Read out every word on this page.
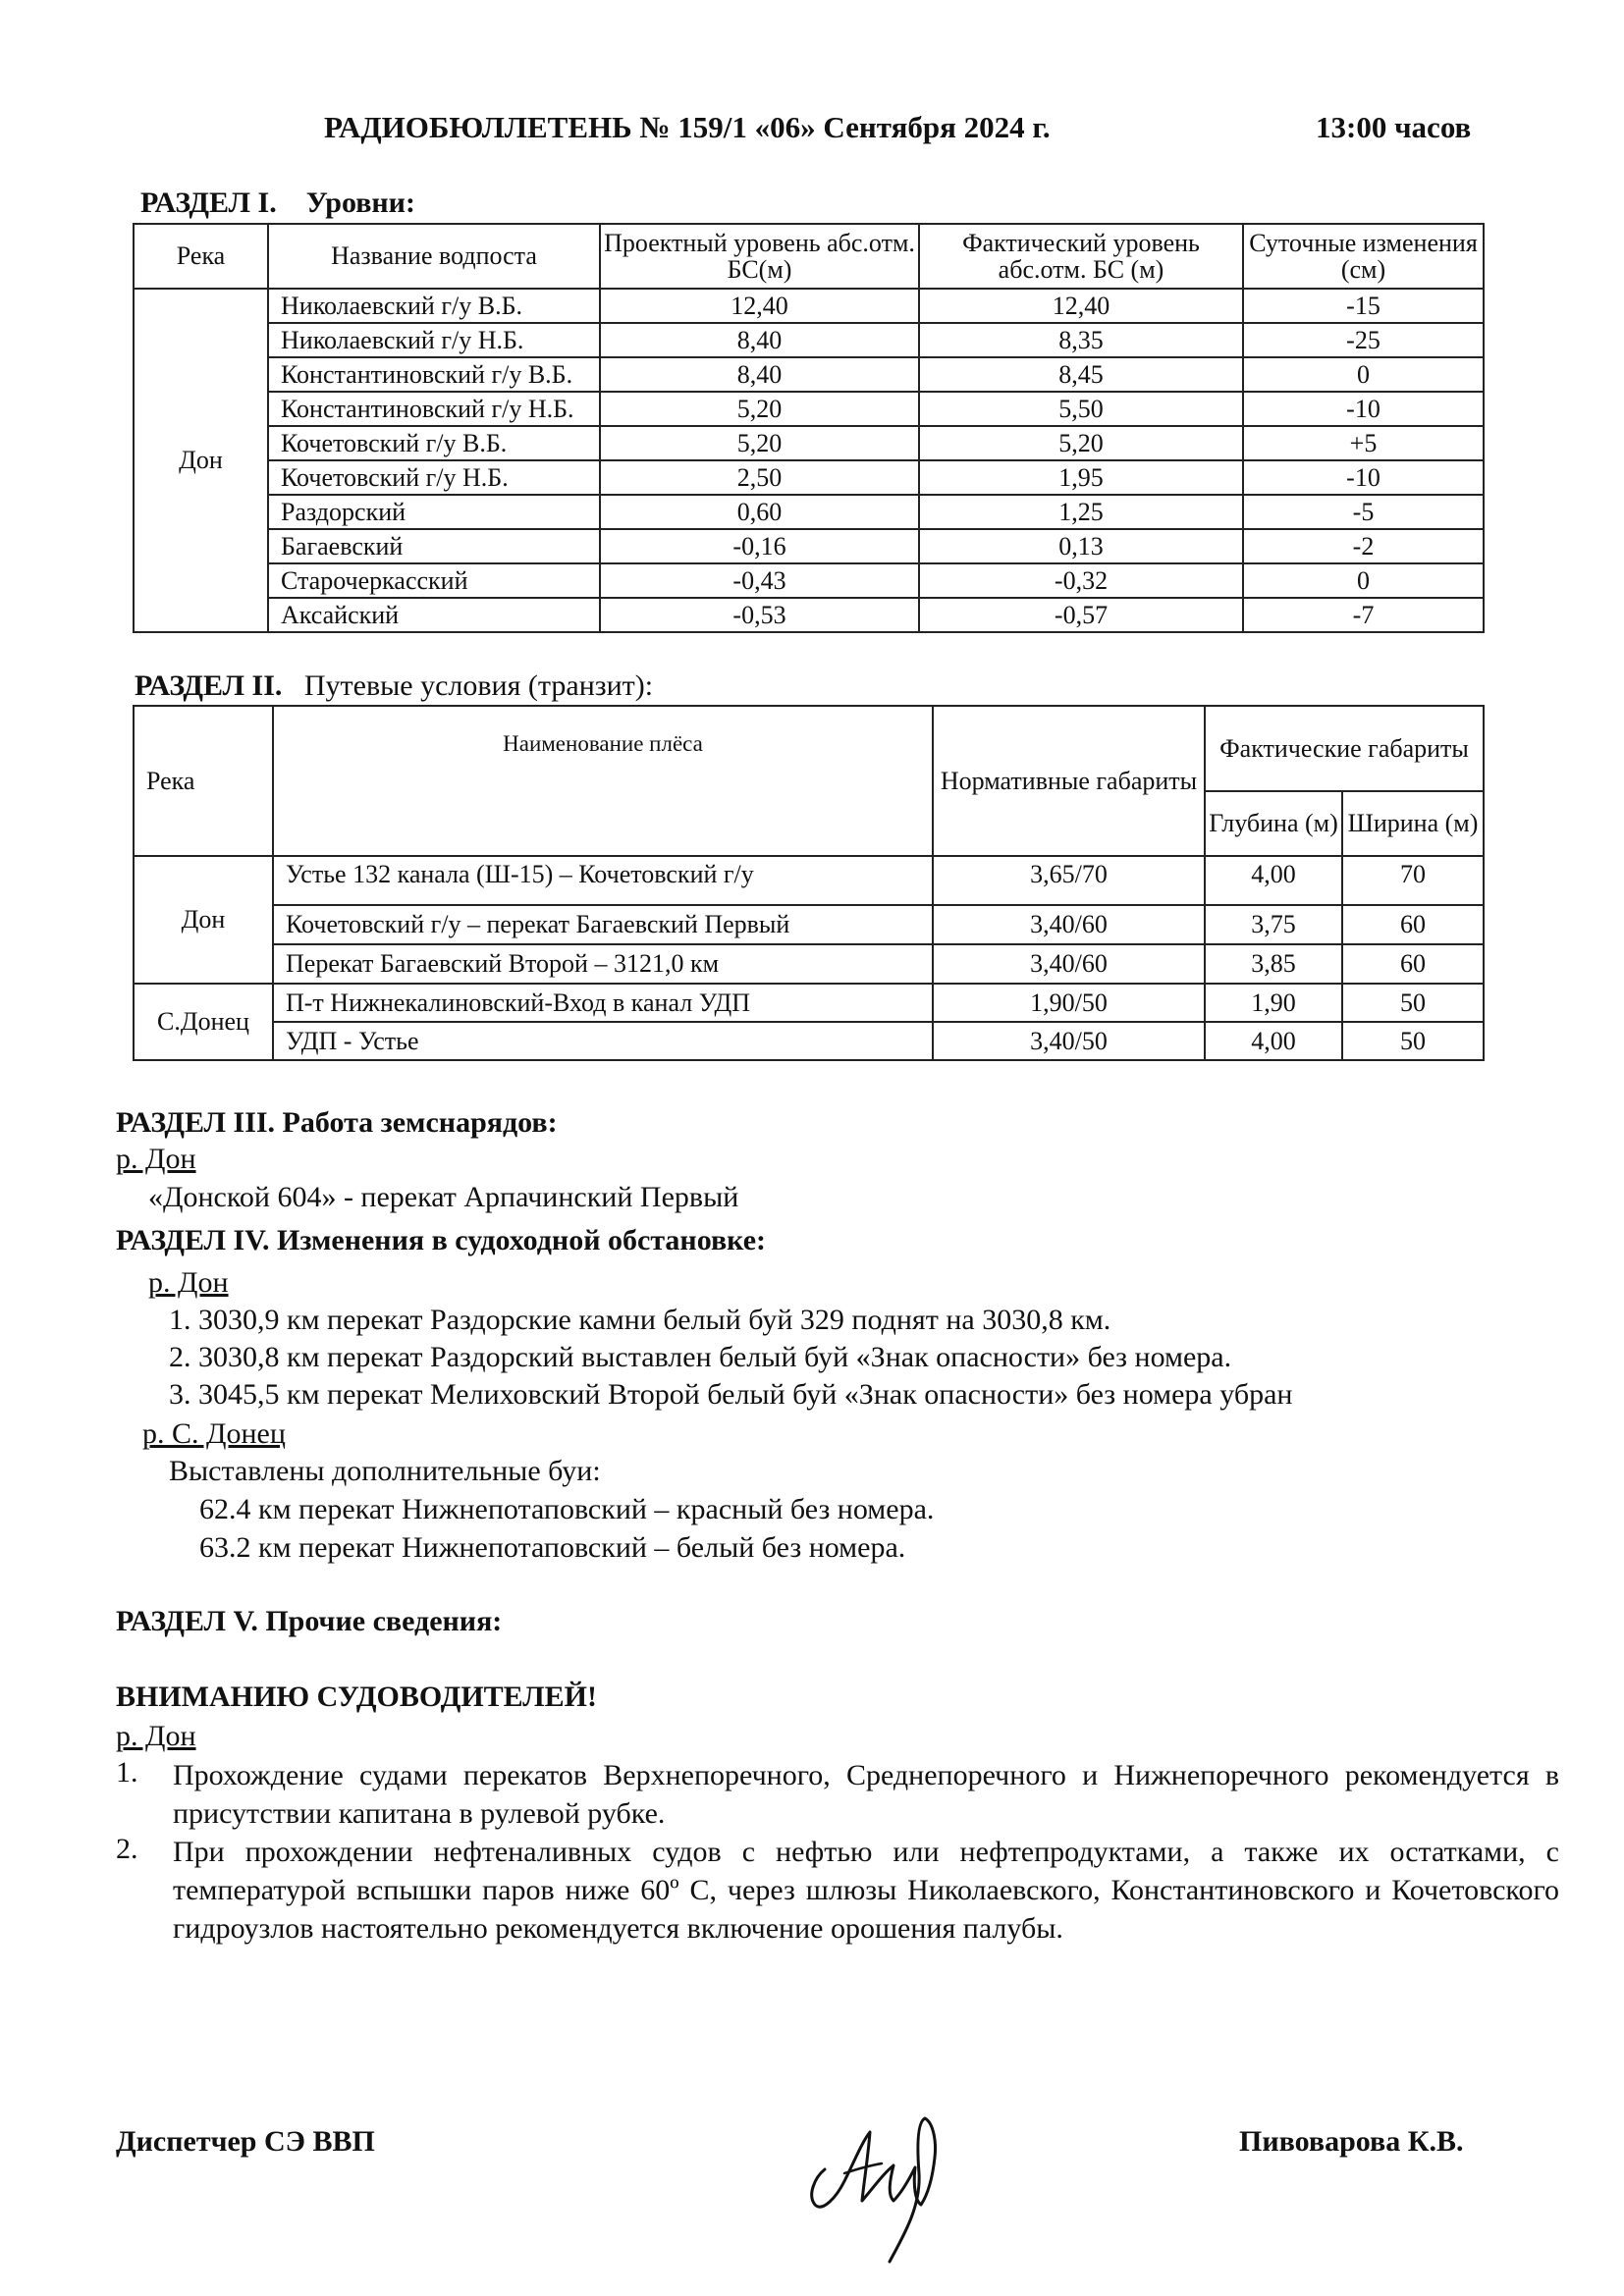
РАДИОБЮЛЛЕТЕНЬ № 159/1 «06» Сентября 2024 г.	13:00 часов
РАЗДЕЛ I. Уровни:
Река	Название водпоста	Проектный уровень абс.отм. БС(м)	Фактический уровень абс.отм. БС (м)	Суточные изменения (см)
Дон	Николаевский г/у В.Б.	12,40	12,40	-15
	Николаевский г/у Н.Б.	8,40	8,35	-25
	Константиновский г/у В.Б.	8,40	8,45	0
	Константиновский г/у Н.Б.	5,20	5,50	-10
	Кочетовский г/у В.Б.	5,20	5,20	+5
	Кочетовский г/у Н.Б.	2,50	1,95	-10
	Раздорский	0,60	1,25	-5
	Багаевский	-0,16	0,13	-2
	Старочеркасский	-0,43	-0,32	0
	Аксайский	-0,53	-0,57	-7
РАЗДЕЛ II. Путевые условия (транзит):
Река	Наименование плёса	Нормативные габариты	Фактические габариты	
			Глубина (м)	Ширина (м)
Дон	Устье 132 канала (Ш-15) – Кочетовский г/у	3,65/70	4,00	70
	Кочетовский г/у – перекат Багаевский Первый	3,40/60	3,75	60
	Перекат Багаевский Второй – 3121,0 км	3,40/60	3,85	60
С.Донец	П-т Нижнекалиновский-Вход в канал УДП	1,90/50	1,90	50
	УДП - Устье	3,40/50	4,00	50
РАЗДЕЛ III. Работа земснарядов:
р. Дон
«Донской 604» - перекат Арпачинский Первый
РАЗДЕЛ IV. Изменения в судоходной обстановке:
р. Дон
1. 3030,9 км перекат Раздорские камни белый буй 329 поднят на 3030,8 км.
2. 3030,8 км перекат Раздорский выставлен белый буй «Знак опасности» без номера.
3. 3045,5 км перекат Мелиховский Второй белый буй «Знак опасности» без номера убран
р. С. Донец
Выставлены дополнительные буи:
62.4 км перекат Нижнепотаповский – красный без номера.
63.2 км перекат Нижнепотаповский – белый без номера.
РАЗДЕЛ V. Прочие сведения:
ВНИМАНИЮ СУДОВОДИТЕЛЕЙ!
р. Дон
1. Прохождение судами перекатов Верхнепоречного, Среднепоречного и Нижнепоречного рекомендуется в присутствии капитана в рулевой рубке.
2. При прохождении нефтеналивных судов с нефтью или нефтепродуктами, а также их остатками, с температурой вспышки паров ниже 60º С, через шлюзы Николаевского, Константиновского и Кочетовского гидроузлов настоятельно рекомендуется включение орошения палубы.
Диспетчер СЭ ВВП	Пивоварова К.В.
